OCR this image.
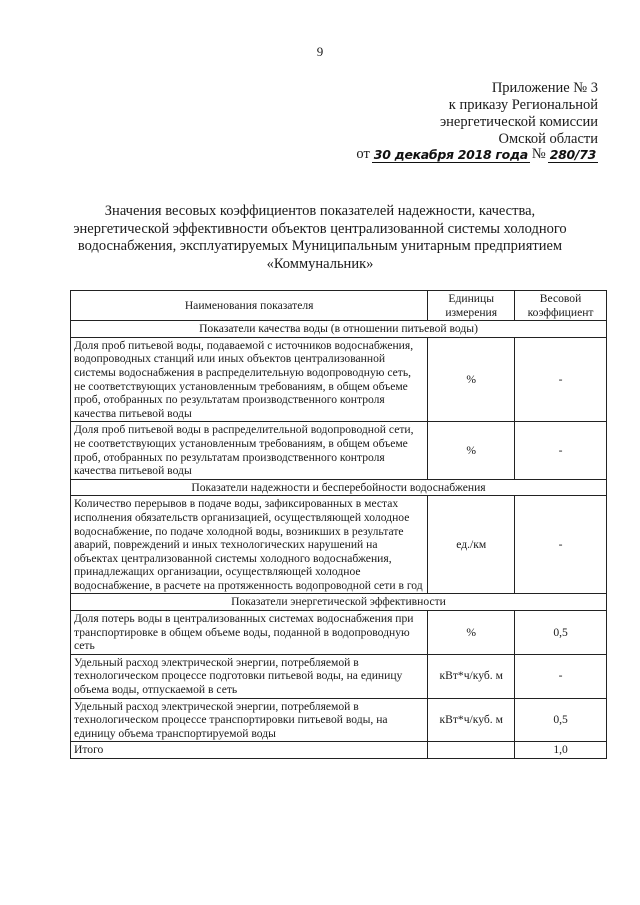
9
Приложение № 3
к приказу Региональной
энергетической комиссии
Омской области
от 30 декабря 2018 года № 280/73
Значения весовых коэффициентов показателей надежности, качества, энергетической эффективности объектов централизованной системы холодного водоснабжения, эксплуатируемых Муниципальным унитарным предприятием «Коммунальник»
Наименования показателя	Единицы измерения	Весовой коэффициент
Показатели качества воды (в отношении питьевой воды)		
Доля проб питьевой воды, подаваемой с источников водоснабжения, водопроводных станций или иных объектов централизованной системы водоснабжения в распределительную водопроводную сеть, не соответствующих установленным требованиям, в общем объеме проб, отобранных по результатам производственного контроля качества питьевой воды	%	-
Доля проб питьевой воды в распределительной водопроводной сети, не соответствующих установленным требованиям, в общем объеме проб, отобранных по результатам производственного контроля качества питьевой воды	%	-
Показатели надежности и бесперебойности водоснабжения		
Количество перерывов в подаче воды, зафиксированных в местах исполнения обязательств организацией, осуществляющей холодное водоснабжение, по подаче холодной воды, возникших в результате аварий, повреждений и иных технологических нарушений на объектах централизованной системы холодного водоснабжения, принадлежащих организации, осуществляющей холодное водоснабжение, в расчете на протяженность водопроводной сети в год	ед./км	-
Показатели энергетической эффективности		
Доля потерь воды в централизованных системах водоснабжения при транспортировке в общем объеме воды, поданной в водопроводную сеть	%	0,5
Удельный расход электрической энергии, потребляемой в технологическом процессе подготовки питьевой воды, на единицу объема воды, отпускаемой в сеть	кВт*ч/куб. м	-
Удельный расход электрической энергии, потребляемой в технологическом процессе транспортировки питьевой воды, на единицу объема транспортируемой воды	кВт*ч/куб. м	0,5
Итого		1,0
